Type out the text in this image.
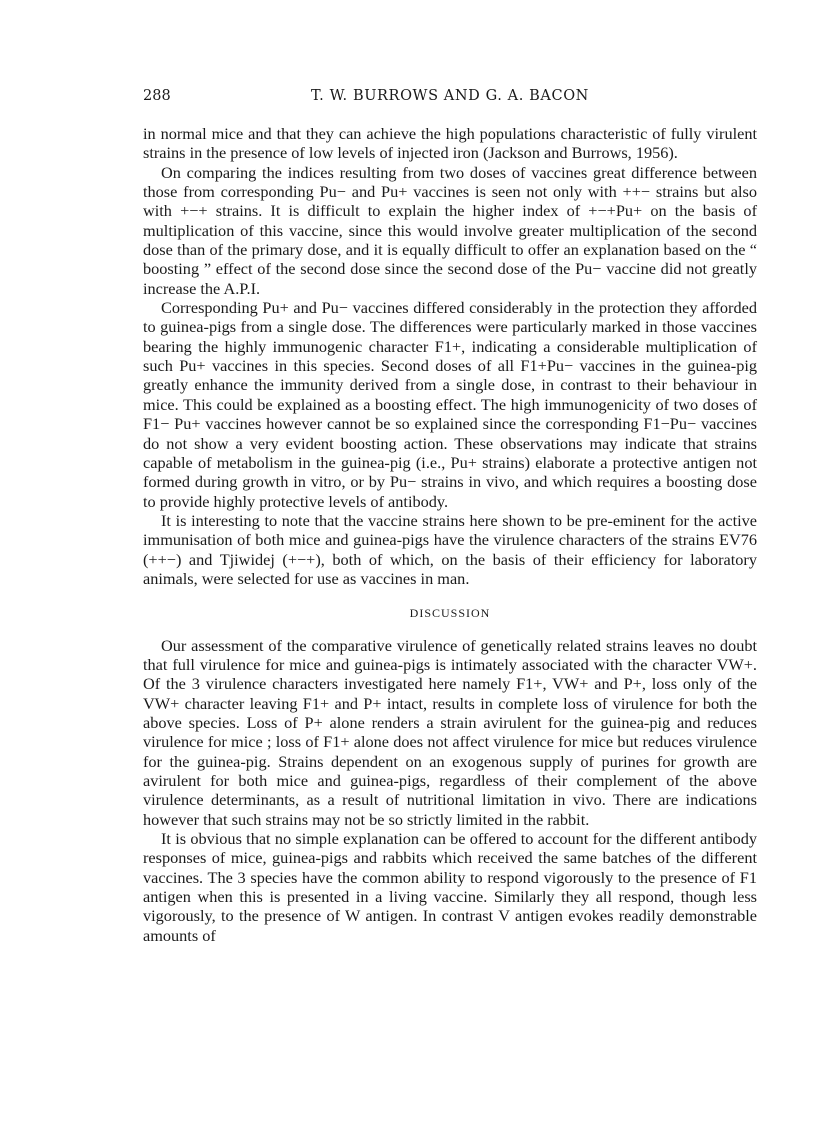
288	T. W. BURROWS AND G. A. BACON

in normal mice and that they can achieve the high populations characteristic of fully virulent strains in the presence of low levels of injected iron (Jackson and Burrows, 1956).

On comparing the indices resulting from two doses of vaccines great difference between those from corresponding Pu− and Pu+ vaccines is seen not only with ++− strains but also with +−+ strains. It is difficult to explain the higher index of +−+Pu+ on the basis of multiplication of this vaccine, since this would involve greater multiplication of the second dose than of the primary dose, and it is equally difficult to offer an explanation based on the “ boosting ” effect of the second dose since the second dose of the Pu− vaccine did not greatly increase the A.P.I.

Corresponding Pu+ and Pu− vaccines differed considerably in the protection they afforded to guinea-pigs from a single dose. The differences were particularly marked in those vaccines bearing the highly immunogenic character F1+, indicating a considerable multiplication of such Pu+ vaccines in this species. Second doses of all F1+Pu− vaccines in the guinea-pig greatly enhance the immunity derived from a single dose, in contrast to their behaviour in mice. This could be explained as a boosting effect. The high immunogenicity of two doses of F1− Pu+ vaccines however cannot be so explained since the corresponding F1−Pu− vaccines do not show a very evident boosting action. These observations may indicate that strains capable of metabolism in the guinea-pig (i.e., Pu+ strains) elaborate a protective antigen not formed during growth in vitro, or by Pu− strains in vivo, and which requires a boosting dose to provide highly protective levels of antibody.

It is interesting to note that the vaccine strains here shown to be pre-eminent for the active immunisation of both mice and guinea-pigs have the virulence characters of the strains EV76 (++−) and Tjiwidej (+−+), both of which, on the basis of their efficiency for laboratory animals, were selected for use as vaccines in man.

DISCUSSION

Our assessment of the comparative virulence of genetically related strains leaves no doubt that full virulence for mice and guinea-pigs is intimately associated with the character VW+. Of the 3 virulence characters investigated here namely F1+, VW+ and P+, loss only of the VW+ character leaving F1+ and P+ intact, results in complete loss of virulence for both the above species. Loss of P+ alone renders a strain avirulent for the guinea-pig and reduces virulence for mice ; loss of F1+ alone does not affect virulence for mice but reduces virulence for the guinea-pig. Strains dependent on an exogenous supply of purines for growth are avirulent for both mice and guinea-pigs, regardless of their complement of the above virulence determinants, as a result of nutritional limitation in vivo. There are indications however that such strains may not be so strictly limited in the rabbit.

It is obvious that no simple explanation can be offered to account for the different antibody responses of mice, guinea-pigs and rabbits which received the same batches of the different vaccines. The 3 species have the common ability to respond vigorously to the presence of F1 antigen when this is presented in a living vaccine. Similarly they all respond, though less vigorously, to the presence of W antigen. In contrast V antigen evokes readily demonstrable amounts of
